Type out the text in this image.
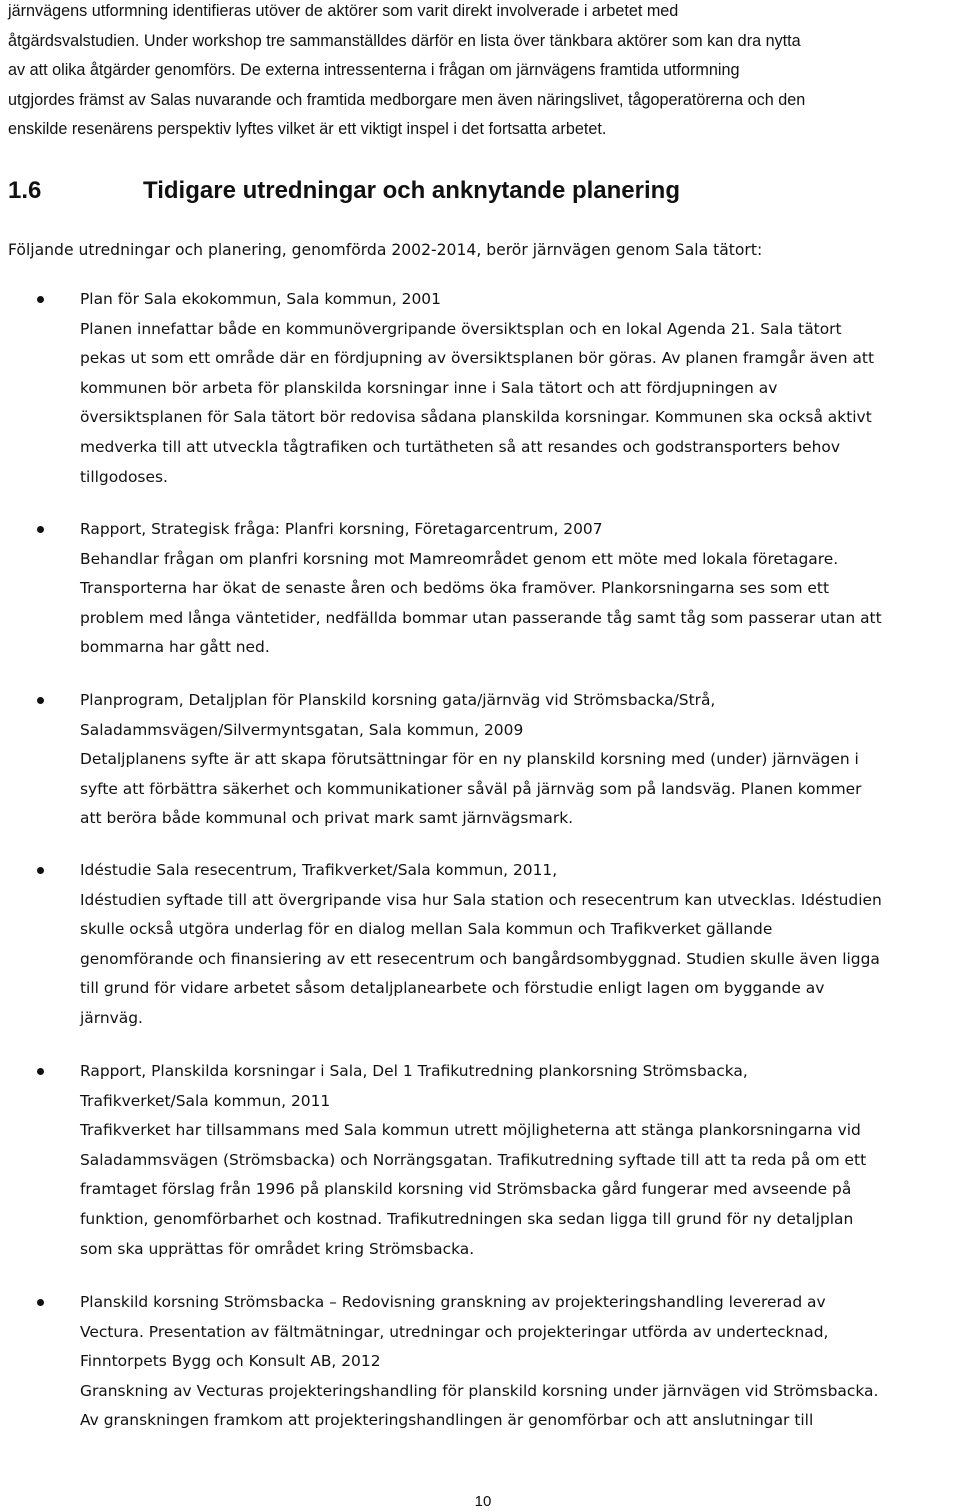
järnvägens utformning identifieras utöver de aktörer som varit direkt involverade i arbetet med
åtgärdsvalstudien. Under workshop tre sammanställdes därför en lista över tänkbara aktörer som kan dra nytta
av att olika åtgärder genomförs. De externa intressenterna i frågan om järnvägens framtida utformning
utgjordes främst av Salas nuvarande och framtida medborgare men även näringslivet, tågoperatörerna och den
enskilde resenärens perspektiv lyftes vilket är ett viktigt inspel i det fortsatta arbetet.
1.6	Tidigare utredningar och anknytande planering
Följande utredningar och planering, genomförda 2002-2014, berör järnvägen genom Sala tätort:
Plan för Sala ekokommun, Sala kommun, 2001
Planen innefattar både en kommunövergripande översiktsplan och en lokal Agenda 21. Sala tätort
pekas ut som ett område där en fördjupning av översiktsplanen bör göras. Av planen framgår även att
kommunen bör arbeta för planskilda korsningar inne i Sala tätort och att fördjupningen av
översiktsplanen för Sala tätort bör redovisa sådana planskilda korsningar. Kommunen ska också aktivt
medverka till att utveckla tågtrafiken och turtätheten så att resandes och godstransporters behov
tillgodoses.
Rapport, Strategisk fråga: Planfri korsning, Företagarcentrum, 2007
Behandlar frågan om planfri korsning mot Mamreområdet genom ett möte med lokala företagare.
Transporterna har ökat de senaste åren och bedöms öka framöver. Plankorsningarna ses som ett
problem med långa väntetider, nedfällda bommar utan passerande tåg samt tåg som passerar utan att
bommarna har gått ned.
Planprogram, Detaljplan för Planskild korsning gata/järnväg vid Strömsbacka/Strå,
Saladammsvägen/Silvermyntsgatan, Sala kommun, 2009
Detaljplanens syfte är att skapa förutsättningar för en ny planskild korsning med (under) järnvägen i
syfte att förbättra säkerhet och kommunikationer såväl på järnväg som på landsväg. Planen kommer
att beröra både kommunal och privat mark samt järnvägsmark.
Idéstudie Sala resecentrum, Trafikverket/Sala kommun, 2011,
Idéstudien syftade till att övergripande visa hur Sala station och resecentrum kan utvecklas. Idéstudien
skulle också utgöra underlag för en dialog mellan Sala kommun och Trafikverket gällande
genomförande och finansiering av ett resecentrum och bangårdsombyggnad. Studien skulle även ligga
till grund för vidare arbetet såsom detaljplanearbete och förstudie enligt lagen om byggande av
järnväg.
Rapport, Planskilda korsningar i Sala, Del 1 Trafikutredning plankorsning Strömsbacka,
Trafikverket/Sala kommun, 2011
Trafikverket har tillsammans med Sala kommun utrett möjligheterna att stänga plankorsningarna vid
Saladammsvägen (Strömsbacka) och Norrängsgatan. Trafikutredning syftade till att ta reda på om ett
framtaget förslag från 1996 på planskild korsning vid Strömsbacka gård fungerar med avseende på
funktion, genomförbarhet och kostnad. Trafikutredningen ska sedan ligga till grund för ny detaljplan
som ska upprättas för området kring Strömsbacka.
Planskild korsning Strömsbacka – Redovisning granskning av projekteringshandling levererad av
Vectura. Presentation av fältmätningar, utredningar och projekteringar utförda av undertecknad,
Finntorpets Bygg och Konsult AB, 2012
Granskning av Vecturas projekteringshandling för planskild korsning under järnvägen vid Strömsbacka.
Av granskningen framkom att projekteringshandlingen är genomförbar och att anslutningar till
10
